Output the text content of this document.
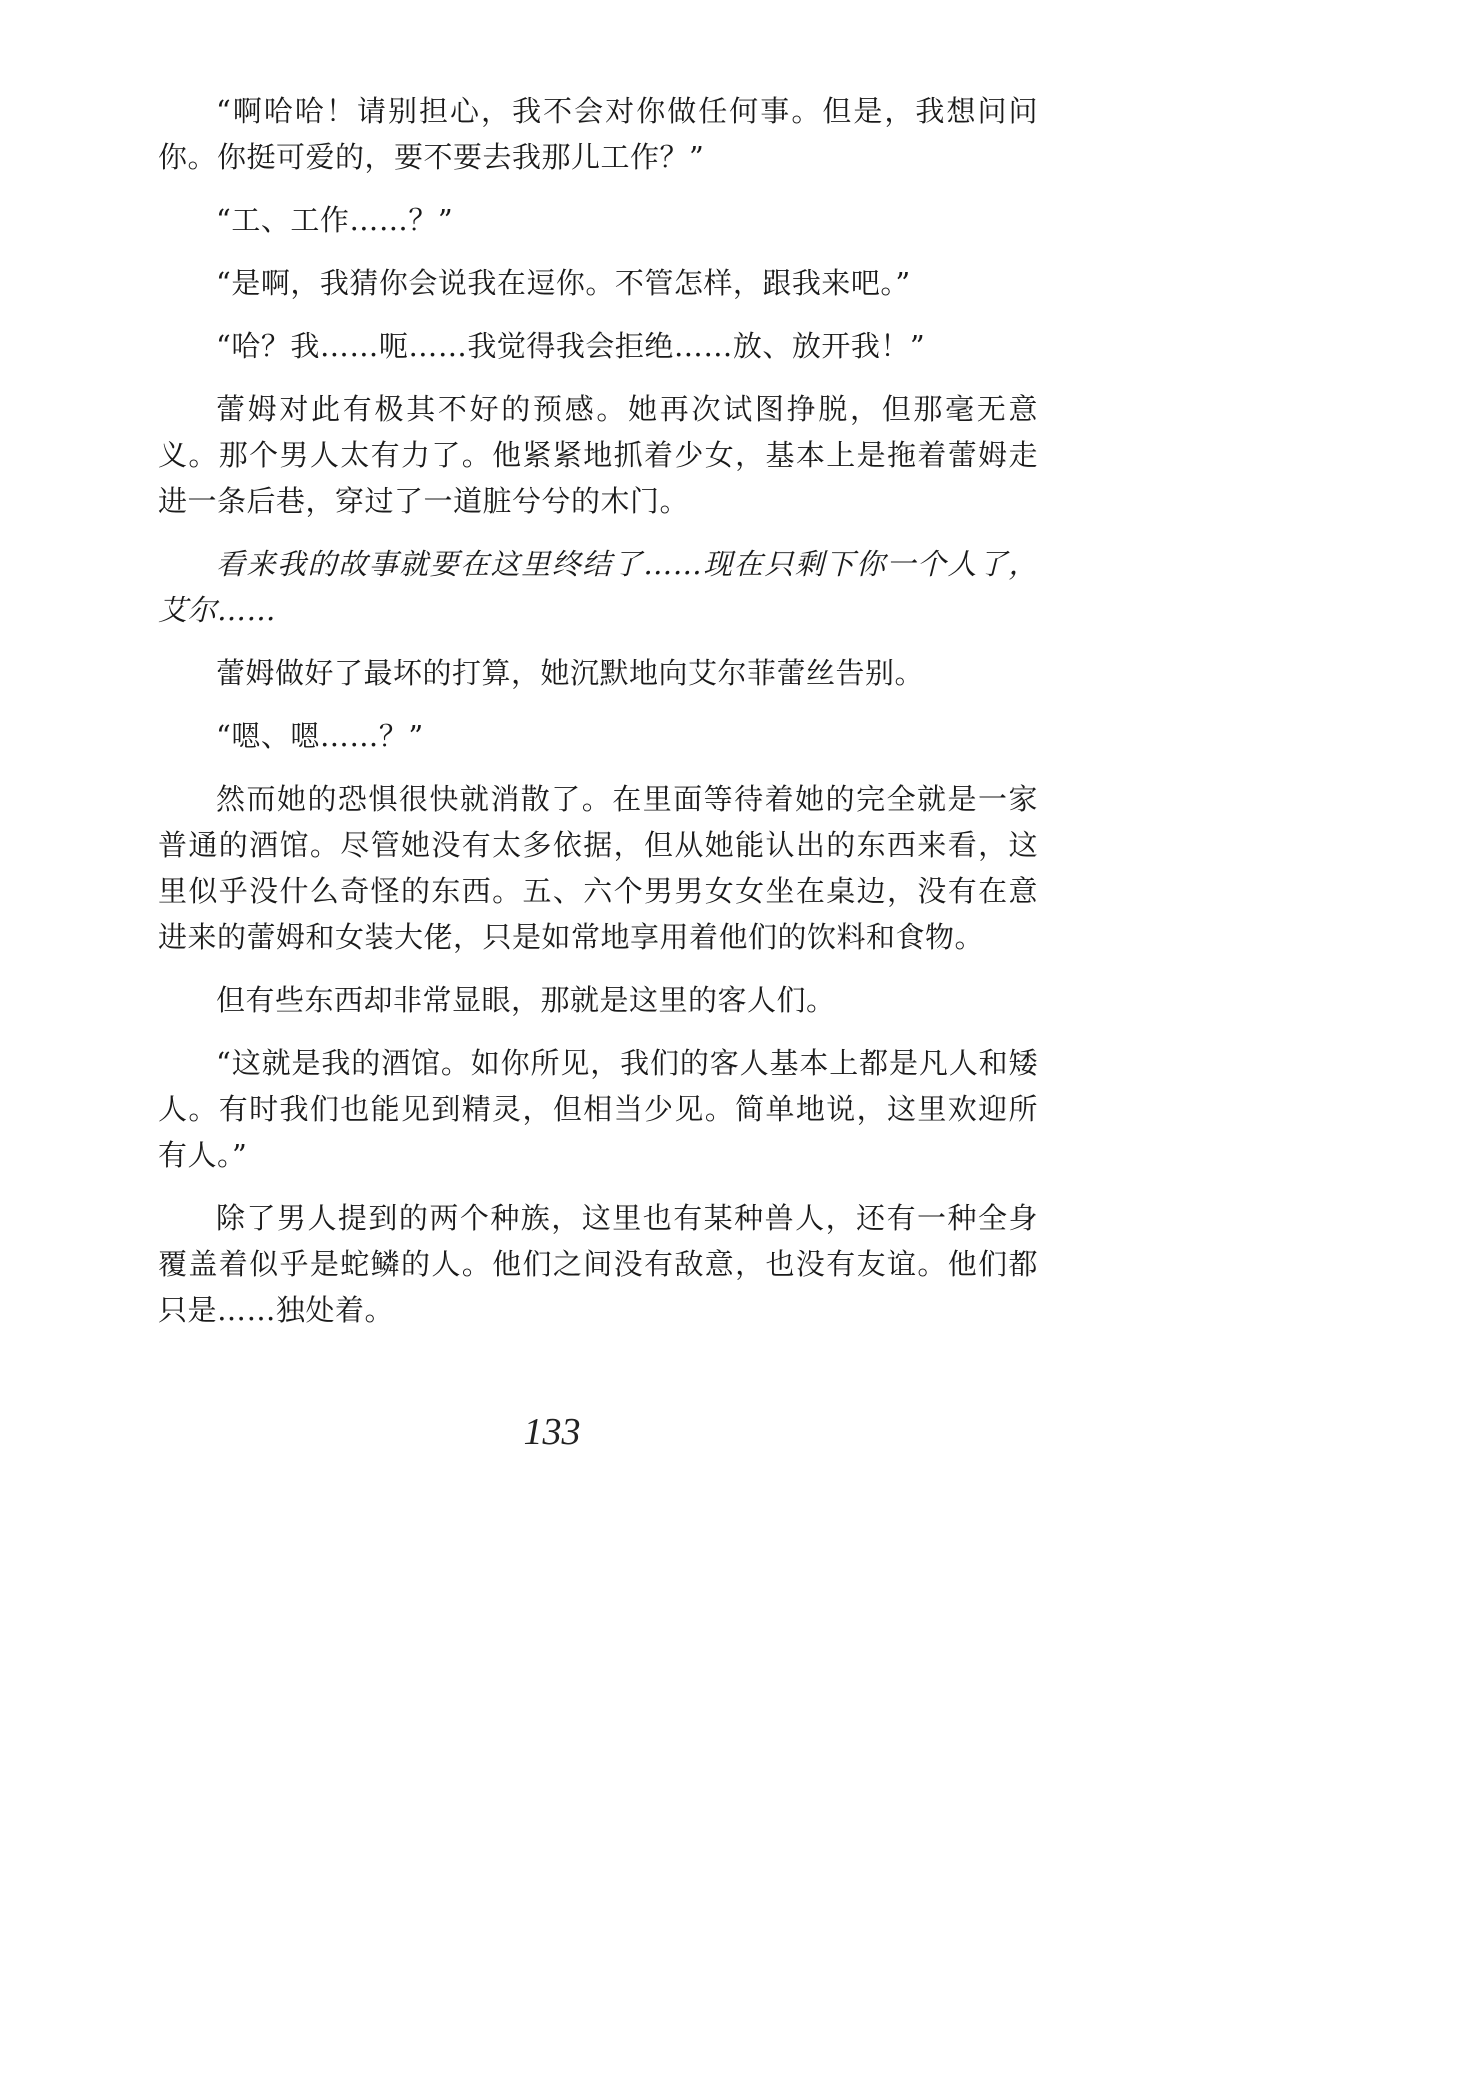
“啊哈哈！请别担心，我不会对你做任何事。但是，我想问问你。你挺可爱的，要不要去我那儿工作？”

“工、工作……？”

“是啊，我猜你会说我在逗你。不管怎样，跟我来吧。”

“哈？我……呃……我觉得我会拒绝……放、放开我！”

蕾姆对此有极其不好的预感。她再次试图挣脱，但那毫无意义。那个男人太有力了。他紧紧地抓着少女，基本上是拖着蕾姆走进一条后巷，穿过了一道脏兮兮的木门。

看来我的故事就要在这里终结了……现在只剩下你一个人了，艾尔……

蕾姆做好了最坏的打算，她沉默地向艾尔菲蕾丝告别。

“嗯、嗯……？”

然而她的恐惧很快就消散了。在里面等待着她的完全就是一家普通的酒馆。尽管她没有太多依据，但从她能认出的东西来看，这里似乎没什么奇怪的东西。五、六个男男女女坐在桌边，没有在意进来的蕾姆和女装大佬，只是如常地享用着他们的饮料和食物。

但有些东西却非常显眼，那就是这里的客人们。

“这就是我的酒馆。如你所见，我们的客人基本上都是凡人和矮人。有时我们也能见到精灵，但相当少见。简单地说，这里欢迎所有人。”

除了男人提到的两个种族，这里也有某种兽人，还有一种全身覆盖着似乎是蛇鳞的人。他们之间没有敌意，也没有友谊。他们都只是……独处着。

133
